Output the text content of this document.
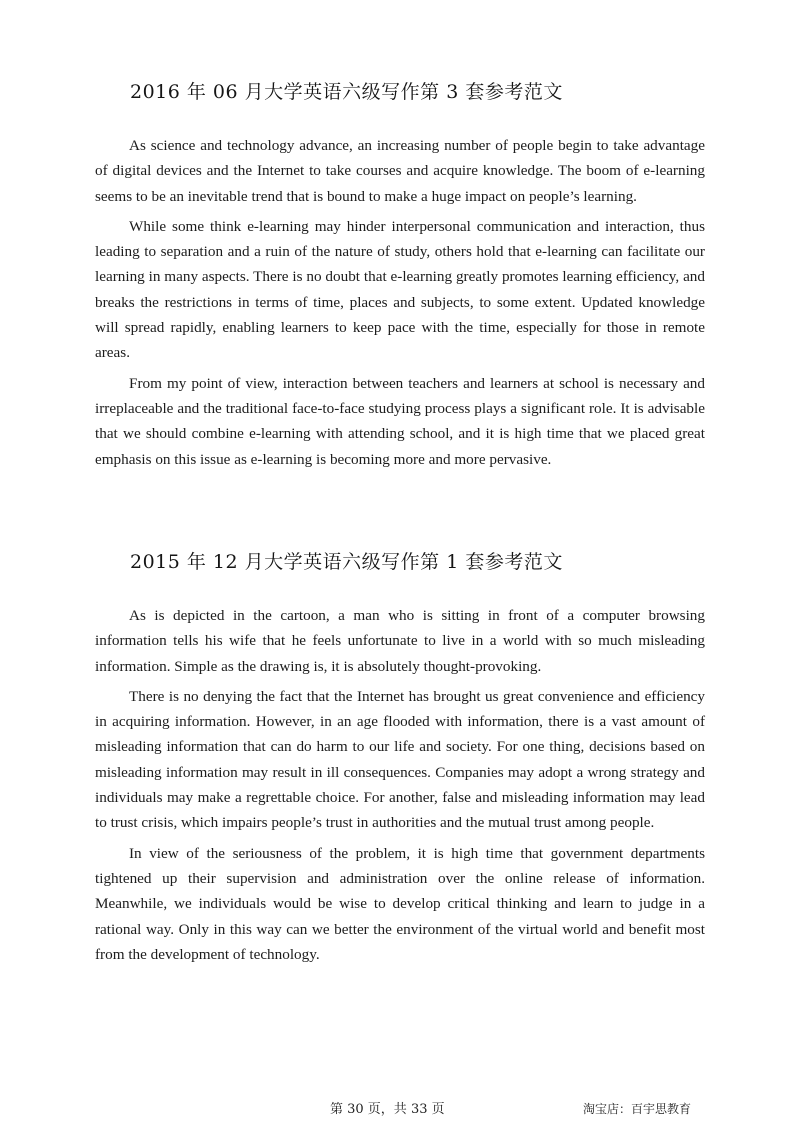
2016 年 06 月大学英语六级写作第 3 套参考范文

As science and technology advance, an increasing number of people begin to take advantage of digital devices and the Internet to take courses and acquire knowledge. The boom of e-learning seems to be an inevitable trend that is bound to make a huge impact on people’s learning.

While some think e-learning may hinder interpersonal communication and interaction, thus leading to separation and a ruin of the nature of study, others hold that e-learning can facilitate our learning in many aspects. There is no doubt that e-learning greatly promotes learning efficiency, and breaks the restrictions in terms of time, places and subjects, to some extent. Updated knowledge will spread rapidly, enabling learners to keep pace with the time, especially for those in remote areas.

From my point of view, interaction between teachers and learners at school is necessary and irreplaceable and the traditional face-to-face studying process plays a significant role. It is advisable that we should combine e-learning with attending school, and it is high time that we placed great emphasis on this issue as e-learning is becoming more and more pervasive.

2015 年 12 月大学英语六级写作第 1 套参考范文

As is depicted in the cartoon, a man who is sitting in front of a computer browsing information tells his wife that he feels unfortunate to live in a world with so much misleading information. Simple as the drawing is, it is absolutely thought-provoking.

There is no denying the fact that the Internet has brought us great convenience and efficiency in acquiring information. However, in an age flooded with information, there is a vast amount of misleading information that can do harm to our life and society. For one thing, decisions based on misleading information may result in ill consequences. Companies may adopt a wrong strategy and individuals may make a regrettable choice. For another, false and misleading information may lead to trust crisis, which impairs people’s trust in authorities and the mutual trust among people.

In view of the seriousness of the problem, it is high time that government departments tightened up their supervision and administration over the online release of information. Meanwhile, we individuals would be wise to develop critical thinking and learn to judge in a rational way. Only in this way can we better the environment of the virtual world and benefit most from the development of technology.

第 30 页，共 33 页	淘宝店：百宇思教育
